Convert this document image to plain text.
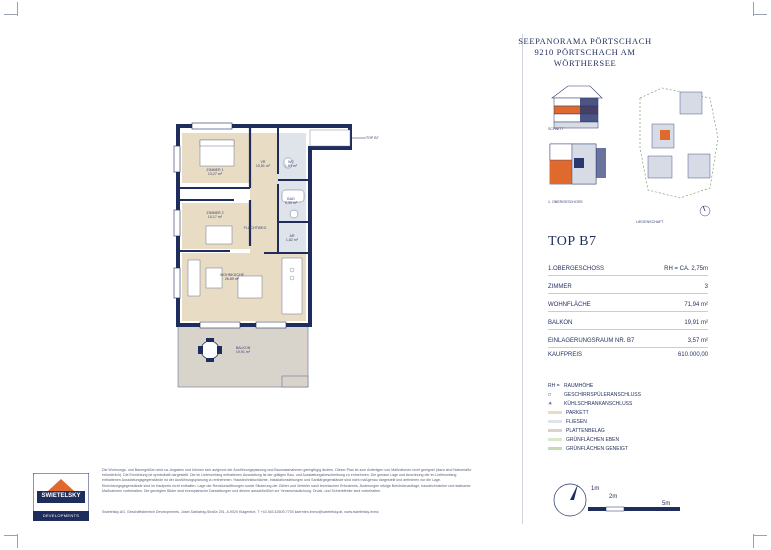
SEEPANORAMA PÖRTSCHACH
9210 PÖRTSCHACH AM WÖRTHERSEE
SCHNITT
1. OBERGESCHOSS
LIEGENSCHAFT
TOP B7
1.OBERGESCHOSS	RH = CA. 2,75m
ZIMMER	3
WOHNFLÄCHE	71,94 m²
BALKON	19,91 m²
EINLAGERUNGSRAUM NR. B7	3,57 m²
KAUFPREIS	610.000,00
RH = RAUMHÖHE
□	GESCHIRRSPÜLERANSCHLUSS
✳ KÜHLSCHRANKANSCHLUSS
PARKETT
FLIESEN
PLATTENBELAG
GRÜNFLÄCHEN EBEN
GRÜNFLÄCHEN GENEIGT
1m
2m
5m
ZIMMER 1
13,27 m²
ZIMMER 2
10,17 m²
VR
10,51 m²
WC
1,89 m²
BAD
5,39 m²
AR
1,82 m²
WOHNKÜCHE
26,89 m²
BALKON
19,91 m²
FLUCHTWEG
TOP B7
SWIETELSKY
DEVELOPMENTS
Die Wohnungs- und Baumgrößen sind ca. Angaben und können sich aufgrund der Ausführungsplanung und Baumassnahmen geringfügig ändern. Dieser Plan ist zum Anfertigen von Maßnahmen nicht geeignet (dazu sind Naturmaße erforderlich). Die Einrichtung ist symbolhaft dargestellt. Die im Lieferumfang enthaltenen Ausstattung ist der gültigen Bau- und Ausstattungsbeschreibung zu entnehmen. Die genaue Lage und Anordnung der im Lieferumfang enthaltenen Ausstattungsgegenstände ist der Ausführungsplanung zu entnehmen. Haustechnikschächte, Installationsleitungen und Sanitärgegenstände sind nicht maßgenau dargestellt und definieren nur die Lage. Einrichtungsgegenstände sind im Kaufpreis nicht enthalten. Lage der Revisionsöffnungen sowie Situierung der Zähler und Verteiler nach technischen Erfordernis. Änderungen infolge Behördenauflage, haustechnischer und statischer Maßnahmen vorbehalten. Die geneigten Bilder sind exemplarische Darstellungen und dienen ausschließlich zur Veranschaulichung. Druck- und Schreibfehler sind vorbehalten.
Swietelsky AG, Geschäftsbereich Developments, Josef-Sablatnig-Straße 251, A-9020 Klagenfurt, T +43 463 42609-7700 kaernten.immo@swietelsky.at, www.swietelsky.immo
